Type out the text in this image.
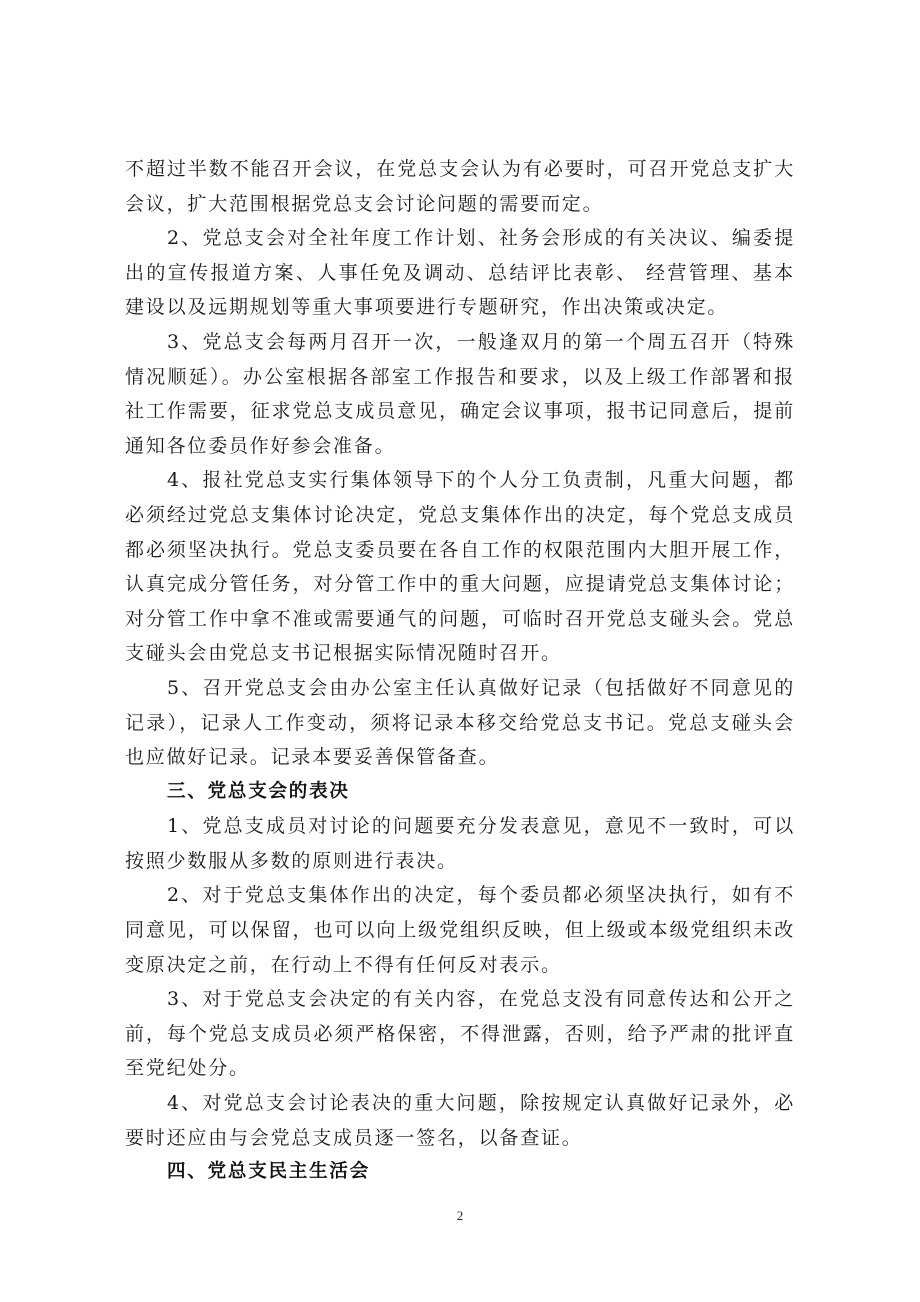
不超过半数不能召开会议，在党总支会认为有必要时，可召开党总支扩大会议，扩大范围根据党总支会讨论问题的需要而定。

2、党总支会对全社年度工作计划、社务会形成的有关决议、编委提出的宣传报道方案、人事任免及调动、总结评比表彰、 经营管理、基本建设以及远期规划等重大事项要进行专题研究，作出决策或决定。

3、党总支会每两月召开一次，一般逢双月的第一个周五召开（特殊情况顺延）。办公室根据各部室工作报告和要求，以及上级工作部署和报社工作需要，征求党总支成员意见，确定会议事项，报书记同意后，提前通知各位委员作好参会准备。

4、报社党总支实行集体领导下的个人分工负责制，凡重大问题，都必须经过党总支集体讨论决定，党总支集体作出的决定，每个党总支成员都必须坚决执行。党总支委员要在各自工作的权限范围内大胆开展工作，认真完成分管任务，对分管工作中的重大问题，应提请党总支集体讨论；对分管工作中拿不准或需要通气的问题，可临时召开党总支碰头会。党总支碰头会由党总支书记根据实际情况随时召开。

5、召开党总支会由办公室主任认真做好记录（包括做好不同意见的记录），记录人工作变动，须将记录本移交给党总支书记。党总支碰头会也应做好记录。记录本要妥善保管备查。

三、党总支会的表决

1、党总支成员对讨论的问题要充分发表意见，意见不一致时，可以按照少数服从多数的原则进行表决。

2、对于党总支集体作出的决定，每个委员都必须坚决执行，如有不同意见，可以保留，也可以向上级党组织反映，但上级或本级党组织未改变原决定之前，在行动上不得有任何反对表示。

3、对于党总支会决定的有关内容，在党总支没有同意传达和公开之前，每个党总支成员必须严格保密，不得泄露，否则，给予严肃的批评直至党纪处分。

4、对党总支会讨论表决的重大问题，除按规定认真做好记录外，必要时还应由与会党总支成员逐一签名，以备查证。

四、党总支民主生活会

2
